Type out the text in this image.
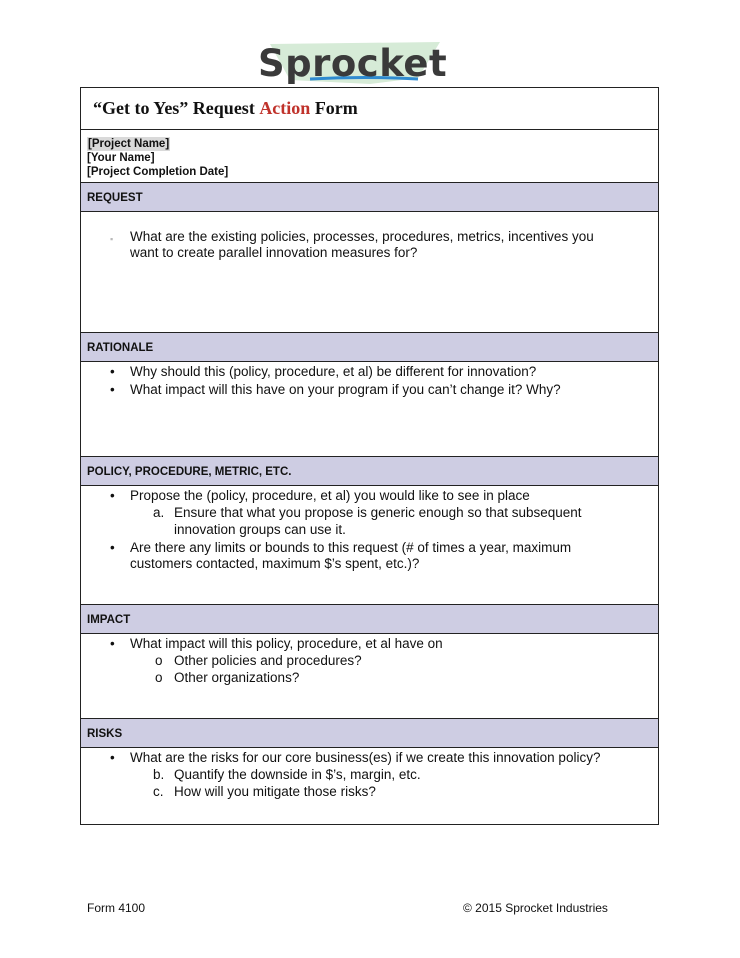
Sprocket
“Get to Yes” Request Action Form
[Project Name]
[Your Name]
[Project Completion Date]
REQUEST
▪ What are the existing policies, processes, procedures, metrics, incentives you
want to create parallel innovation measures for?
RATIONALE
• Why should this (policy, procedure, et al) be different for innovation?
• What impact will this have on your program if you can’t change it? Why?
POLICY, PROCEDURE, METRIC, ETC.
• Propose the (policy, procedure, et al) you would like to see in place
a. Ensure that what you propose is generic enough so that subsequent
innovation groups can use it.
• Are there any limits or bounds to this request (# of times a year, maximum
customers contacted, maximum $’s spent, etc.)?
IMPACT
• What impact will this policy, procedure, et al have on
o Other policies and procedures?
o Other organizations?
RISKS
• What are the risks for our core business(es) if we create this innovation policy?
b. Quantify the downside in $’s, margin, etc.
c. How will you mitigate those risks?
Form 4100	© 2015 Sprocket Industries
